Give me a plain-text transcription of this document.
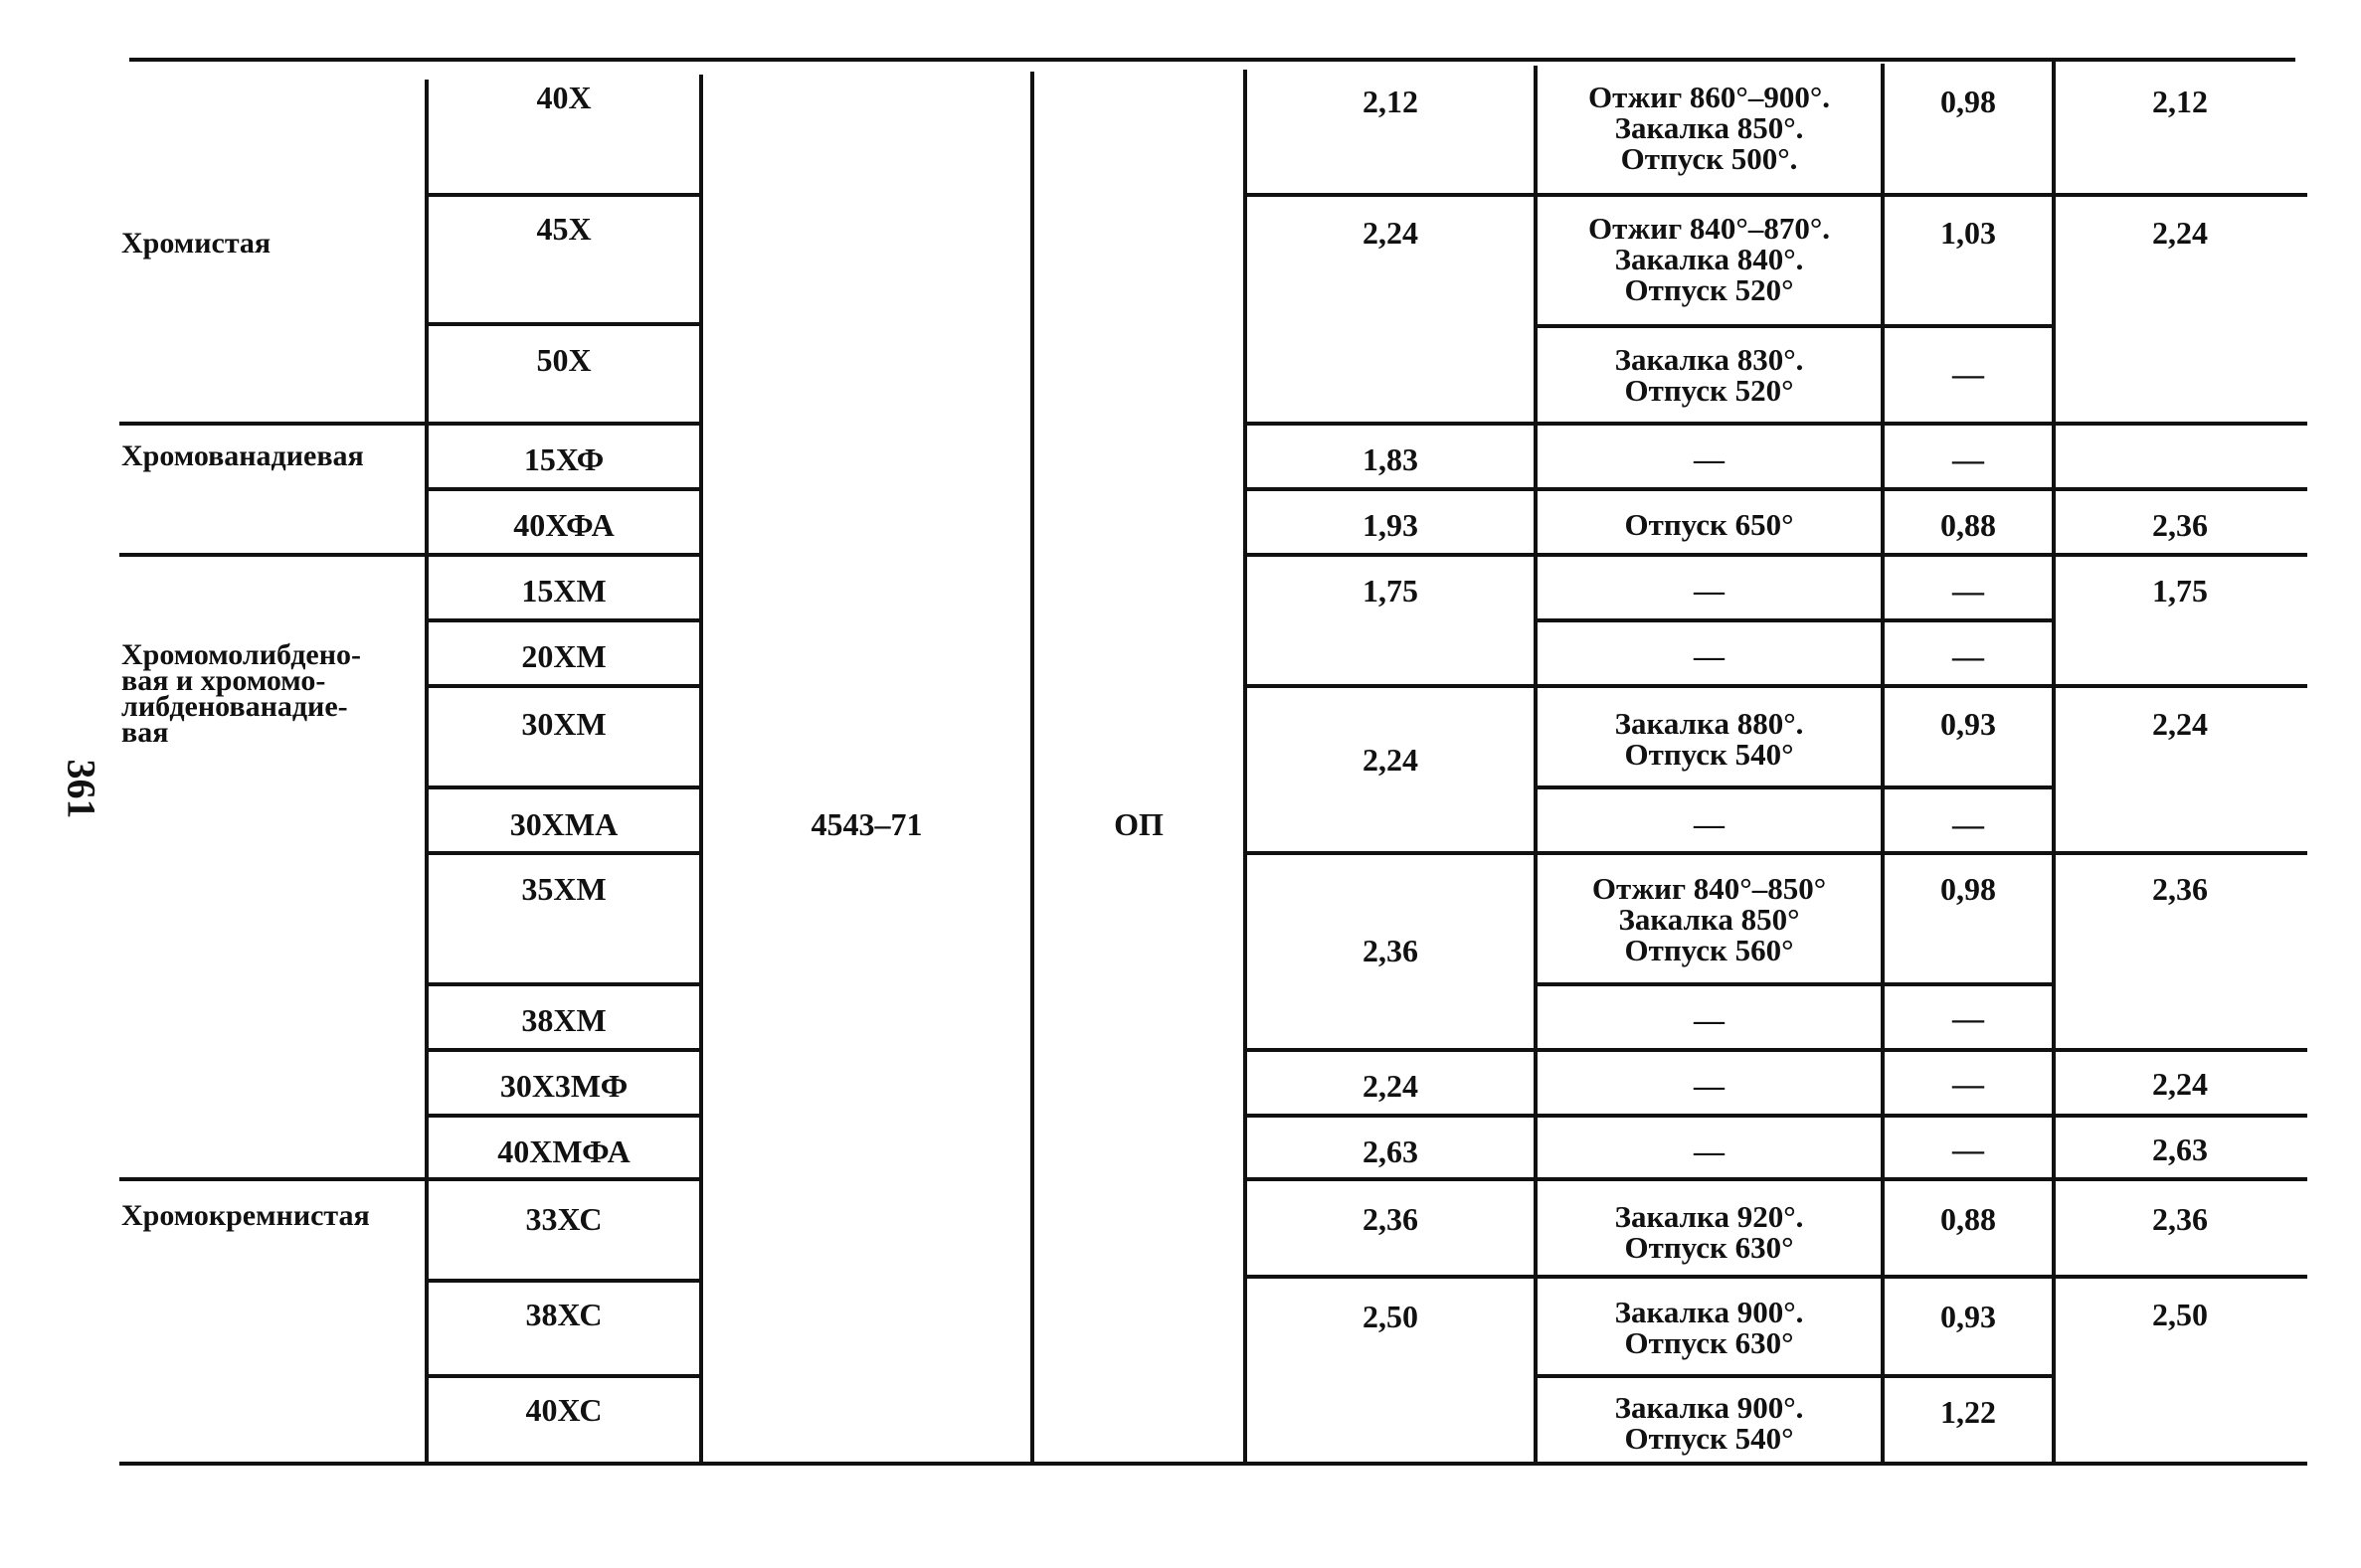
361
Хромистая
Хромованадиевая
Хромомолибдено-
вая и хромомо-
либденованадие-
вая
Хромокремнистая
4543–71	ОП
40Х
45Х
50Х
15ХФ
40ХФА
15ХМ
20ХМ
30ХМ
30ХМА
35ХМ
38ХМ
30Х3МФ
40ХМФА
33ХС
38ХС
40ХС
2,12
2,24
1,83
1,93
1,75
2,24
2,36
2,24
2,63
2,36
2,50
Отжиг 860°–900°.
Закалка 850°.
Отпуск 500°.
Отжиг 840°–870°.
Закалка 840°.
Отпуск 520°
Закалка 830°.
Отпуск 520°
—
Отпуск 650°
—
—
Закалка 880°.
Отпуск 540°
—
Отжиг 840°–850°
Закалка 850°
Отпуск 560°
—
—
—
Закалка 920°.
Отпуск 630°
Закалка 900°.
Отпуск 630°
Закалка 900°.
Отпуск 540°
0,98
1,03
—
—
0,88
—
—
0,93
—
0,98
—
—
—
0,88
0,93
1,22
2,12
2,24
2,36
1,75
2,24
2,36
2,24
2,63
2,36
2,50
